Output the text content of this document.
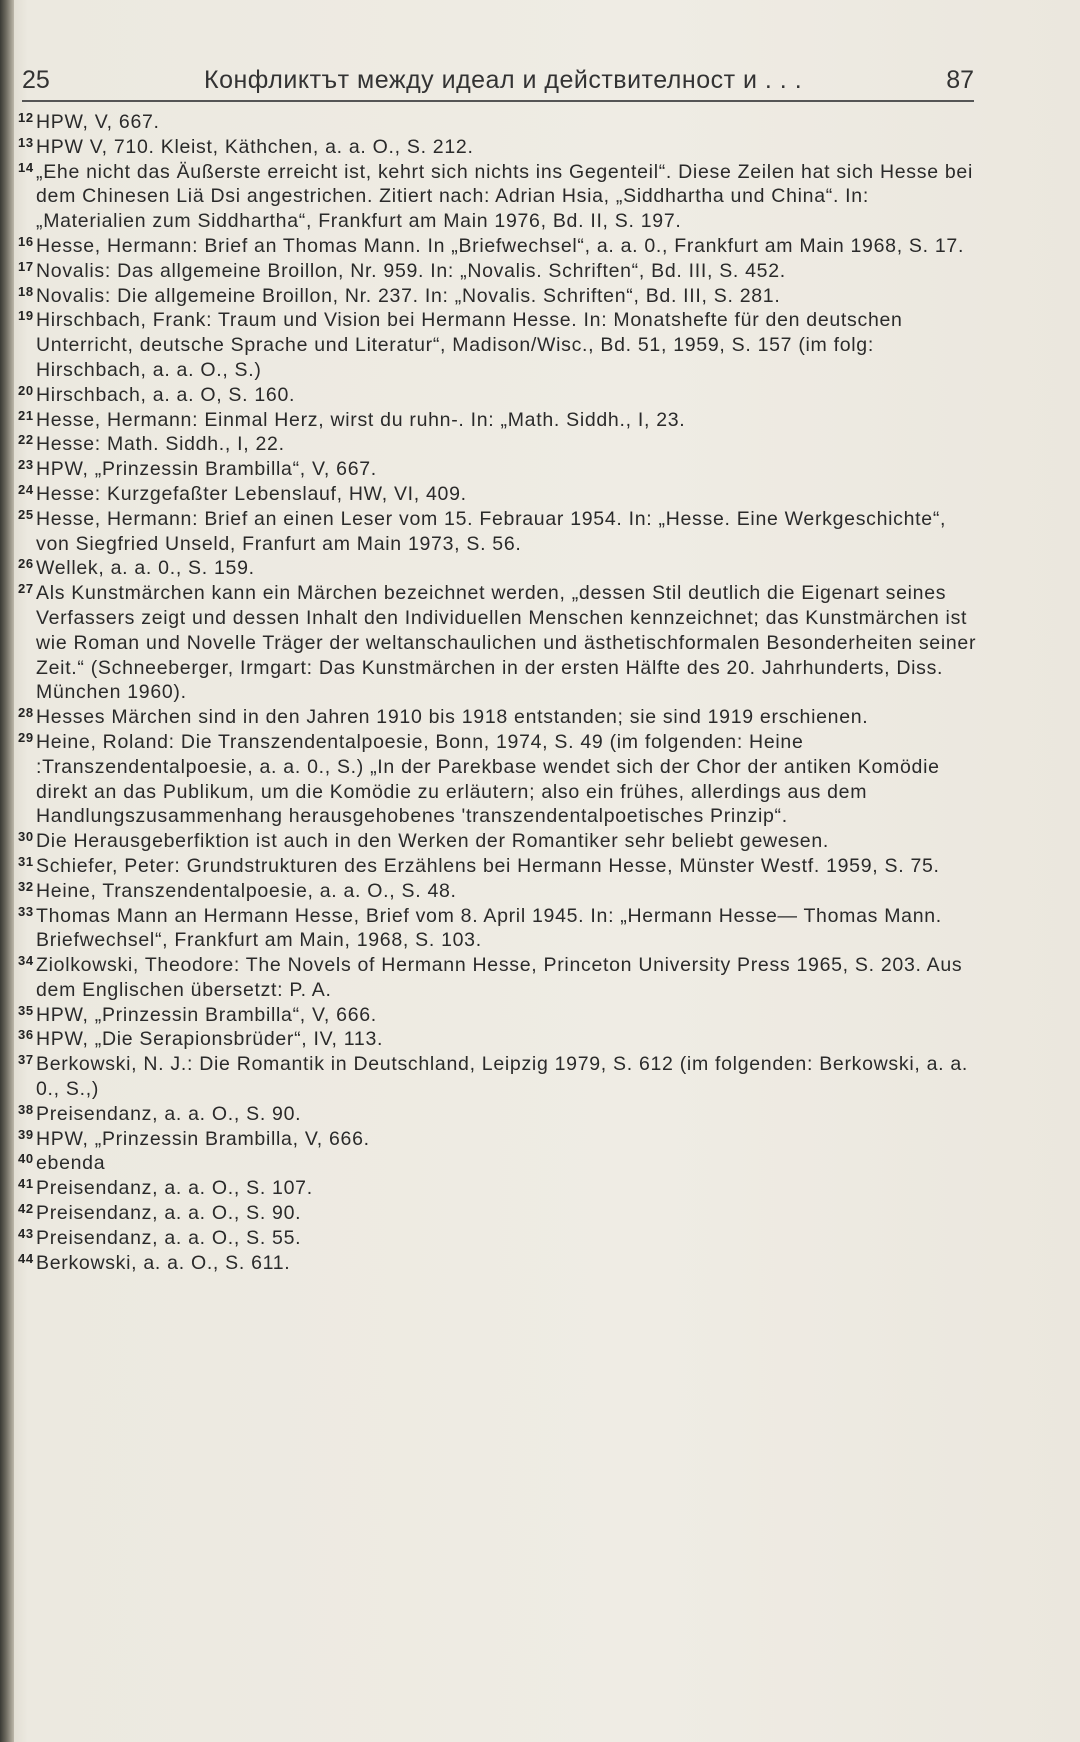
25	Конфликтът между идеал и действителност и . . .	87
12 HPW, V, 667.
13 HPW V, 710. Kleist, Käthchen, a. a. O., S. 212.
14 „Ehe nicht das Äußerste erreicht ist, kehrt sich nichts ins Gegenteil“. Diese Zeilen hat sich Hesse bei dem Chinesen Liä Dsi angestrichen. Zitiert nach: Adrian Hsia, „Siddhartha und China“. In: „Materialien zum Siddhartha“, Frankfurt am Main 1976, Bd. II, S. 197.
16 Hesse, Hermann: Brief an Thomas Mann. In „Briefwechsel“, a. a. 0., Frankfurt am Main 1968, S. 17.
17 Novalis: Das allgemeine Broillon, Nr. 959. In: „Novalis. Schriften“, Bd. III, S. 452.
18 Novalis: Die allgemeine Broillon, Nr. 237. In: „Novalis. Schriften“, Bd. III, S. 281.
19 Hirschbach, Frank: Traum und Vision bei Hermann Hesse. In: Monatshefte für den deutschen Unterricht, deutsche Sprache und Literatur“, Madison/Wisc., Bd. 51, 1959, S. 157 (im folg: Hirschbach, a. a. O., S.)
20 Hirschbach, a. a. O, S. 160.
21 Hesse, Hermann: Einmal Herz, wirst du ruhn-. In: „Math. Siddh., I, 23.
22 Hesse: Math. Siddh., I, 22.
23 HPW, „Prinzessin Brambilla“, V, 667.
24 Hesse: Kurzgefaßter Lebenslauf, HW, VI, 409.
25 Hesse, Hermann: Brief an einen Leser vom 15. Febrauar 1954. In: „Hesse. Eine Werkgeschichte“, von Siegfried Unseld, Franfurt am Main 1973, S. 56.
26 Wellek, a. a. 0., S. 159.
27 Als Kunstmärchen kann ein Märchen bezeichnet werden, „dessen Stil deutlich die Eigenart seines Verfassers zeigt und dessen Inhalt den Individuellen Menschen kennzeichnet; das Kunstmärchen ist wie Roman und Novelle Träger der weltanschaulichen und ästhetischformalen Besonderheiten seiner Zeit.“ (Schneeberger, Irmgart: Das Kunstmärchen in der ersten Hälfte des 20. Jahrhunderts, Diss. München 1960).
28 Hesses Märchen sind in den Jahren 1910 bis 1918 entstanden; sie sind 1919 erschienen.
29 Heine, Roland: Die Transzendentalpoesie, Bonn, 1974, S. 49 (im folgenden: Heine :Transzendentalpoesie, a. a. 0., S.) „In der Parekbase wendet sich der Chor der antiken Komödie direkt an das Publikum, um die Komödie zu erläutern; also ein frühes, allerdings aus dem Handlungszusammenhang herausgehobenes 'transzendentalpoetisches Prinzip“.
30 Die Herausgeberfiktion ist auch in den Werken der Romantiker sehr beliebt gewesen.
31 Schiefer, Peter: Grundstrukturen des Erzählens bei Hermann Hesse, Münster Westf. 1959, S. 75.
32 Heine, Transzendentalpoesie, a. a. O., S. 48.
33 Thomas Mann an Hermann Hesse, Brief vom 8. April 1945. In: „Hermann Hesse— Thomas Mann. Briefwechsel“, Frankfurt am Main, 1968, S. 103.
34 Ziolkowski, Theodore: The Novels of Hermann Hesse, Princeton University Press 1965, S. 203. Aus dem Englischen übersetzt: P. A.
35 HPW, „Prinzessin Brambilla“, V, 666.
36 HPW, „Die Serapionsbrüder“, IV, 113.
37 Berkowski, N. J.: Die Romantik in Deutschland, Leipzig 1979, S. 612 (im folgenden: Berkowski, a. a. 0., S.,)
38 Preisendanz, a. a. O., S. 90.
39 HPW, „Prinzessin Brambilla, V, 666.
40 ebenda
41 Preisendanz, a. a. O., S. 107.
42 Preisendanz, a. a. O., S. 90.
43 Preisendanz, a. a. O., S. 55.
44 Berkowski, a. a. O., S. 611.
